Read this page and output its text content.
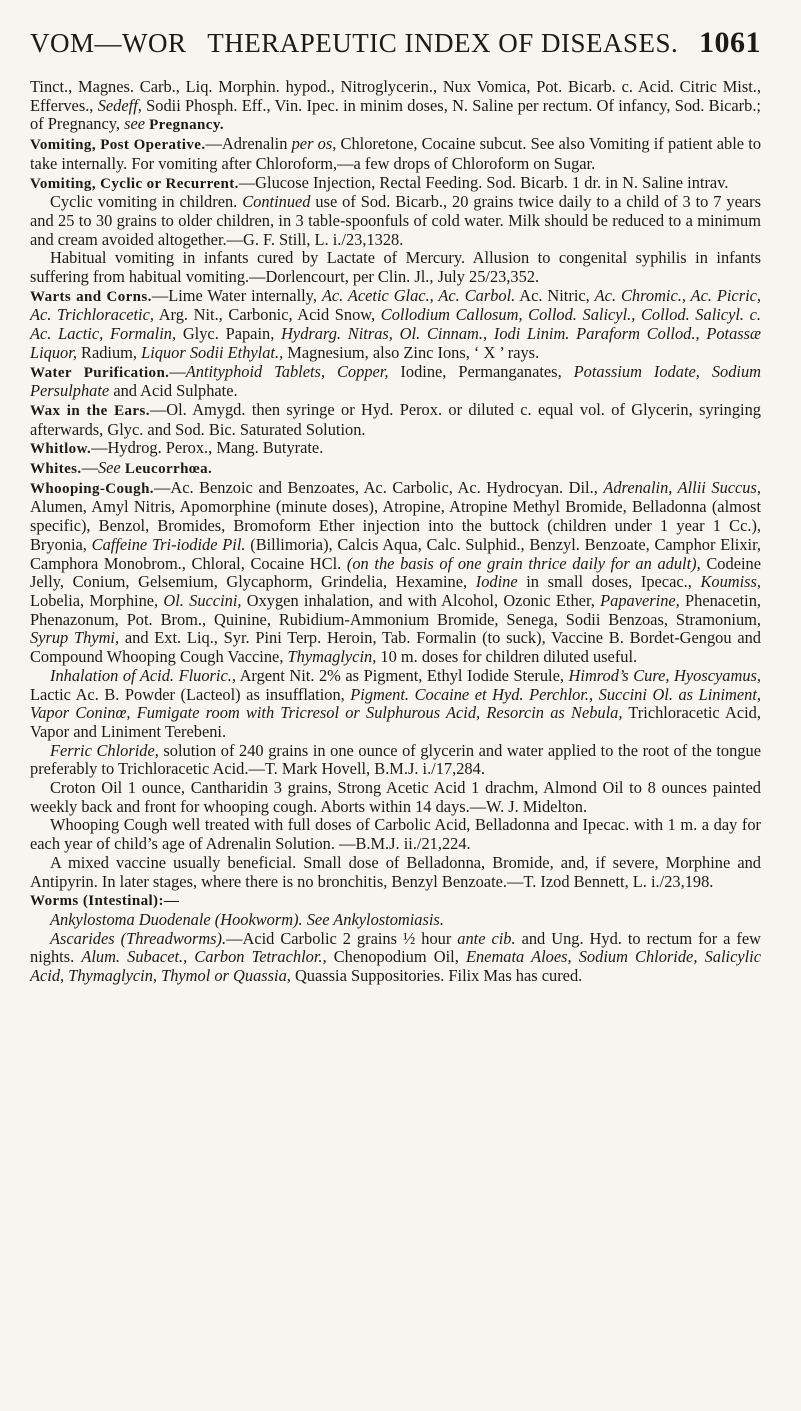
VOM—WOR THERAPEUTIC INDEX OF DISEASES. 1061

Tinct., Magnes. Carb., Liq. Morphin. hypod., Nitroglycerin., Nux Vomica, Pot. Bicarb. c. Acid. Citric Mist., Efferves., Sedeff, Sodii Phosph. Eff., Vin. Ipec. in minim doses, N. Saline per rectum. Of infancy, Sod. Bicarb.; of Pregnancy, see Pregnancy.

Vomiting, Post Operative.—Adrenalin per os, Chloretone, Cocaine subcut. See also Vomiting if patient able to take internally. For vomiting after Chloroform,—a few drops of Chloroform on Sugar.

Vomiting, Cyclic or Recurrent.—Glucose Injection, Rectal Feeding. Sod. Bicarb. 1 dr. in N. Saline intrav.

Cyclic vomiting in children. Continued use of Sod. Bicarb., 20 grains twice daily to a child of 3 to 7 years and 25 to 30 grains to older children, in 3 table-spoonfuls of cold water. Milk should be reduced to a minimum and cream avoided altogether.—G. F. Still, L. i./23,1328.

Habitual vomiting in infants cured by Lactate of Mercury. Allusion to congenital syphilis in infants suffering from habitual vomiting.—Dorlencourt, per Clin. Jl., July 25/23,352.

Warts and Corns.—Lime Water internally, Ac. Acetic Glac., Ac. Carbol. Ac. Nitric, Ac. Chromic., Ac. Picric, Ac. Trichloracetic, Arg. Nit., Carbonic, Acid Snow, Collodium Callosum, Collod. Salicyl., Collod. Salicyl. c. Ac. Lactic, Formalin, Glyc. Papain, Hydrarg. Nitras, Ol. Cinnam., Iodi Linim. Paraform Collod., Potassæ Liquor, Radium, Liquor Sodii Ethylat., Magnesium, also Zinc Ions, ‘ X ’ rays.

Water Purification.—Antityphoid Tablets, Copper, Iodine, Permanganates, Potassium Iodate, Sodium Persulphate and Acid Sulphate.

Wax in the Ears.—Ol. Amygd. then syringe or Hyd. Perox. or diluted c. equal vol. of Glycerin, syringing afterwards, Glyc. and Sod. Bic. Saturated Solution.

Whitlow.—Hydrog. Perox., Mang. Butyrate.

Whites.—See Leucorrhœa.

Whooping-Cough.—Ac. Benzoic and Benzoates, Ac. Carbolic, Ac. Hydrocyan. Dil., Adrenalin, Allii Succus, Alumen, Amyl Nitris, Apomorphine (minute doses), Atropine, Atropine Methyl Bromide, Belladonna (almost specific), Benzol, Bromides, Bromoform Ether injection into the buttock (children under 1 year 1 Cc.), Bryonia, Caffeine Tri-iodide Pil. (Billimoria), Calcis Aqua, Calc. Sulphid., Benzyl. Benzoate, Camphor Elixir, Camphora Monobrom., Chloral, Cocaine HCl. (on the basis of one grain thrice daily for an adult), Codeine Jelly, Conium, Gelsemium, Glycaphorm, Grindelia, Hexamine, Iodine in small doses, Ipecac., Koumiss, Lobelia, Morphine, Ol. Succini, Oxygen inhalation, and with Alcohol, Ozonic Ether, Papaverine, Phenacetin, Phenazonum, Pot. Brom., Quinine, Rubidium-Ammonium Bromide, Senega, Sodii Benzoas, Stramonium, Syrup Thymi, and Ext. Liq., Syr. Pini Terp. Heroin, Tab. Formalin (to suck), Vaccine B. Bordet-Gengou and Compound Whooping Cough Vaccine, Thymaglycin, 10 m. doses for children diluted useful.

Inhalation of Acid. Fluoric., Argent Nit. 2% as Pigment, Ethyl Iodide Sterule, Himrod’s Cure, Hyoscyamus, Lactic Ac. B. Powder (Lacteol) as insufflation, Pigment. Cocaine et Hyd. Perchlor., Succini Ol. as Liniment, Vapor Coninœ, Fumigate room with Tricresol or Sulphurous Acid, Resorcin as Nebula, Trichloracetic Acid, Vapor and Liniment Terebeni.

Ferric Chloride, solution of 240 grains in one ounce of glycerin and water applied to the root of the tongue preferably to Trichloracetic Acid.—T. Mark Hovell, B.M.J. i./17,284.

Croton Oil 1 ounce, Cantharidin 3 grains, Strong Acetic Acid 1 drachm, Almond Oil to 8 ounces painted weekly back and front for whooping cough. Aborts within 14 days.—W. J. Midelton.

Whooping Cough well treated with full doses of Carbolic Acid, Belladonna and Ipecac. with 1 m. a day for each year of child’s age of Adrenalin Solution. —B.M.J. ii./21,224.

A mixed vaccine usually beneficial. Small dose of Belladonna, Bromide, and, if severe, Morphine and Antipyrin. In later stages, where there is no bronchitis, Benzyl Benzoate.—T. Izod Bennett, L. i./23,198.

Worms (Intestinal):—

Ankylostoma Duodenale (Hookworm). See Ankylostomiasis.

Ascarides (Threadworms).—Acid Carbolic 2 grains ½ hour ante cib. and Ung. Hyd. to rectum for a few nights. Alum. Subacet., Carbon Tetrachlor., Chenopodium Oil, Enemata Aloes, Sodium Chloride, Salicylic Acid, Thymaglycin, Thymol or Quassia, Quassia Suppositories. Filix Mas has cured.
